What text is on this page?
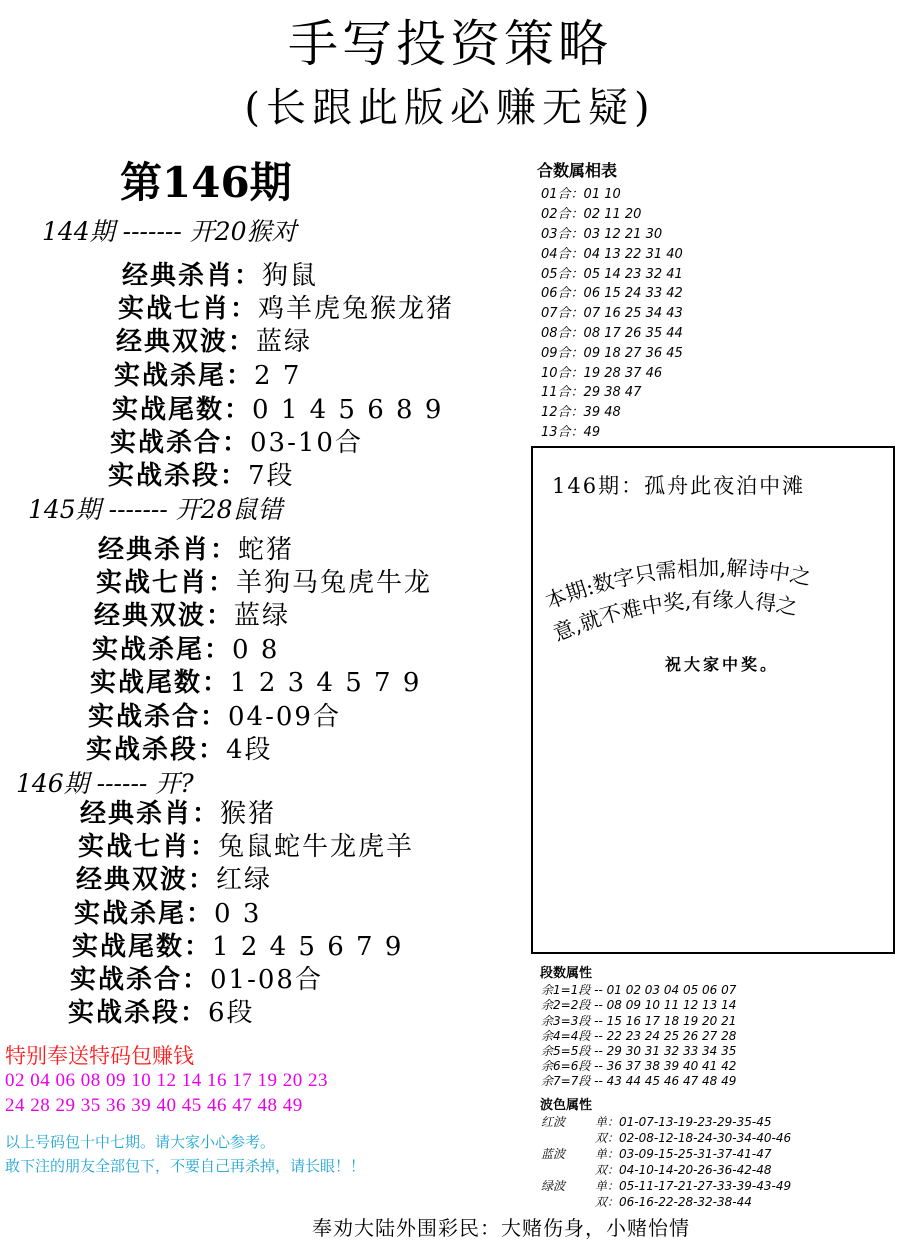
手写投资策略
(长跟此版必赚无疑)
第146期
144期 ------- 开20猴对
经典杀肖：狗鼠
实战七肖：鸡羊虎兔猴龙猪
经典双波：蓝绿
实战杀尾：2 7
实战尾数：0 1 4 5 6 8 9
实战杀合：03-10合
实战杀段：7段
145期 ------- 开28鼠错
经典杀肖：蛇猪
实战七肖：羊狗马兔虎牛龙
经典双波：蓝绿
实战杀尾：0 8
实战尾数：1 2 3 4 5 7 9
实战杀合：04-09合
实战杀段：4段
146期 ------ 开?
经典杀肖：猴猪
实战七肖：兔鼠蛇牛龙虎羊
经典双波：红绿
实战杀尾：0 3
实战尾数：1 2 4 5 6 7 9
实战杀合：01-08合
实战杀段：6段
合数属相表
01合：01 10
02合：02 11 20
03合：03 12 21 30
04合：04 13 22 31 40
05合：05 14 23 32 41
06合：06 15 24 33 42
07合：07 16 25 34 43
08合：08 17 26 35 44
09合：09 18 27 36 45
10合：19 28 37 46
11合：29 38 47
12合：39 48
13合：49
146期：孤舟此夜泊中滩
本期:数字只需相加,解诗中之
意,就不难中奖,有缘人得之
祝大家中奖。
段数属性
余1=1段 -- 01 02 03 04 05 06 07
余2=2段 -- 08 09 10 11 12 13 14
余3=3段 -- 15 16 17 18 19 20 21
余4=4段 -- 22 23 24 25 26 27 28
余5=5段 -- 29 30 31 32 33 34 35
余6=6段 -- 36 37 38 39 40 41 42
余7=7段 -- 43 44 45 46 47 48 49
波色属性
红波 单：01-07-13-19-23-29-35-45
双：02-08-12-18-24-30-34-40-46
蓝波 单：03-09-15-25-31-37-41-47
双：04-10-14-20-26-36-42-48
绿波 单：05-11-17-21-27-33-39-43-49
双：06-16-22-28-32-38-44
特别奉送特码包赚钱
02 04 06 08 09 10 12 14 16 17 19 20 23
24 28 29 35 36 39 40 45 46 47 48 49
以上号码包十中七期。请大家小心参考。
敢下注的朋友全部包下，不要自己再杀掉，请长眼！！
奉劝大陆外围彩民：大赌伤身，小赌怡情
